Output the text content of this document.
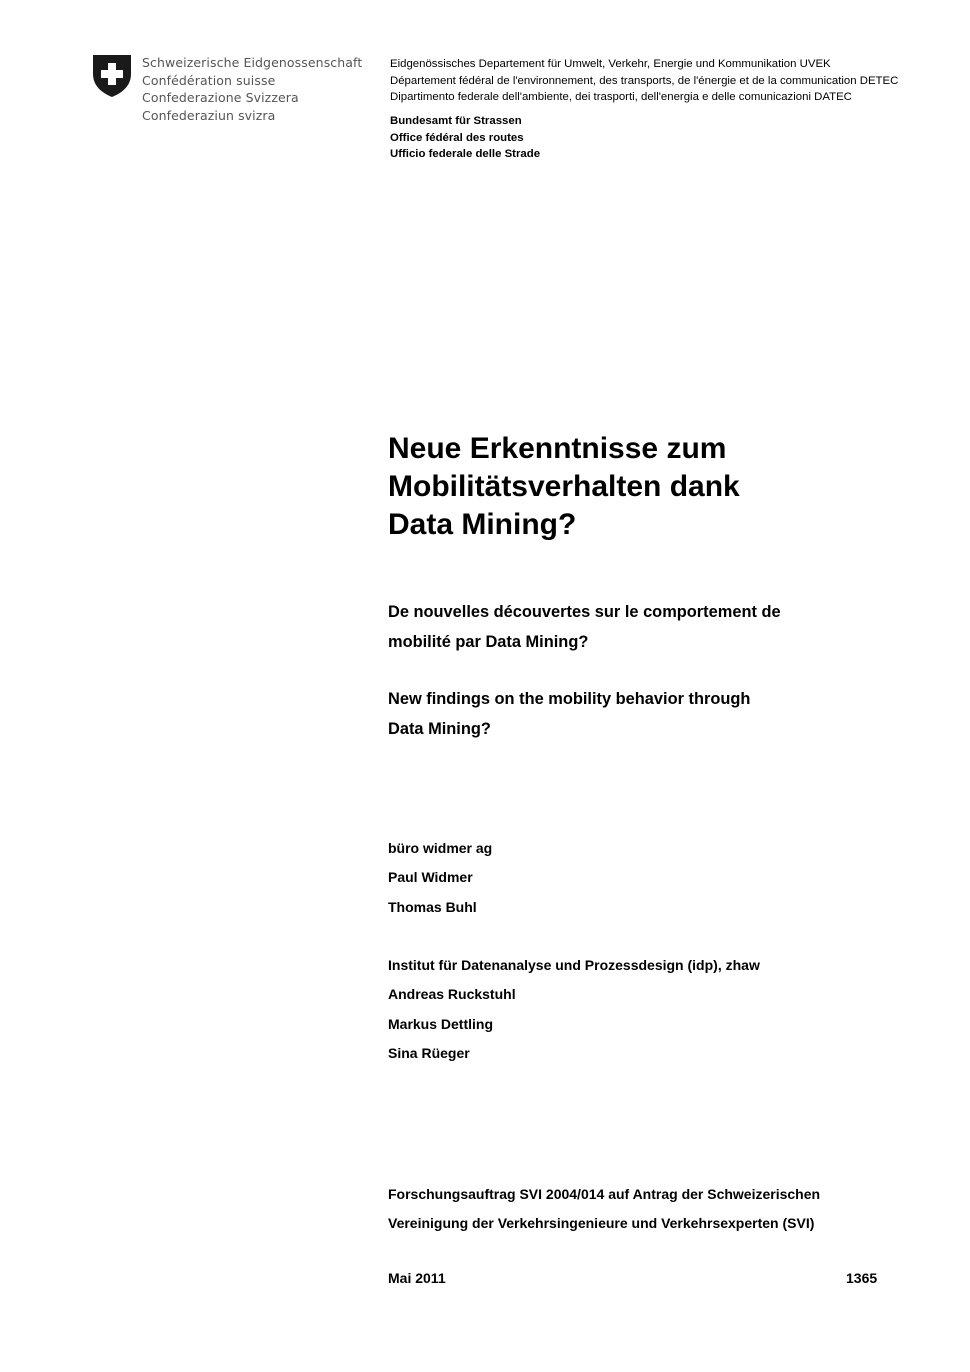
Schweizerische Eidgenossenschaft
Confédération suisse
Confederazione Svizzera
Confederaziun svizra
Eidgenössisches Departement für Umwelt, Verkehr, Energie und Kommunikation UVEK
Département fédéral de l'environnement, des transports, de l'énergie et de la communication DETEC
Dipartimento federale dell'ambiente, dei trasporti, dell'energia e delle comunicazioni DATEC
Bundesamt für Strassen
Office fédéral des routes
Ufficio federale delle Strade
Neue Erkenntnisse zum
Mobilitätsverhalten dank
Data Mining?
De nouvelles découvertes sur le comportement de
mobilité par Data Mining?
New findings on the mobility behavior through
Data Mining?
büro widmer ag
Paul Widmer
Thomas Buhl
Institut für Datenanalyse und Prozessdesign (idp), zhaw
Andreas Ruckstuhl
Markus Dettling
Sina Rüeger
Forschungsauftrag SVI 2004/014 auf Antrag der Schweizerischen
Vereinigung der Verkehrsingenieure und Verkehrsexperten (SVI)
Mai 2011	1365
